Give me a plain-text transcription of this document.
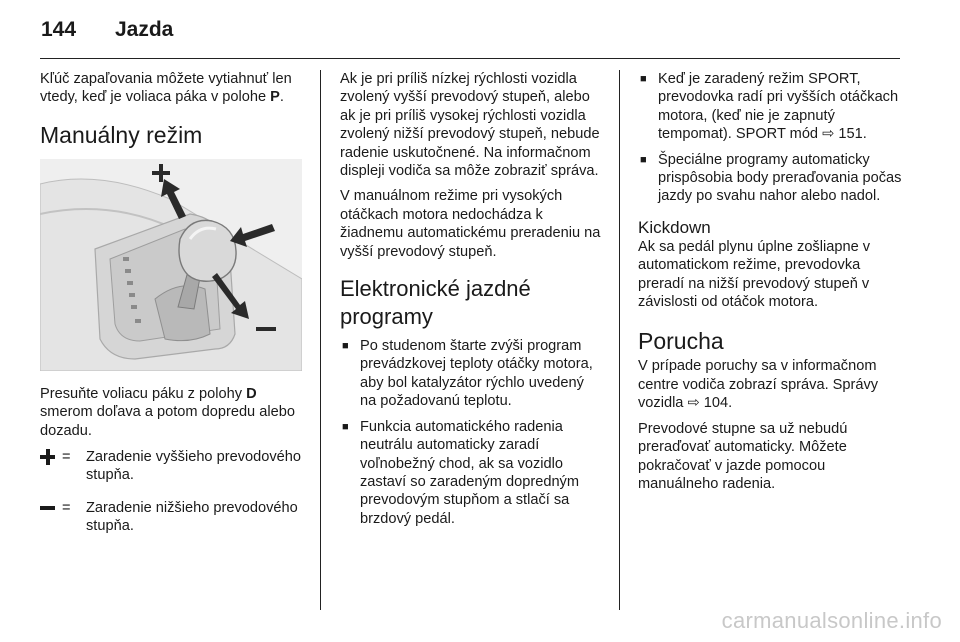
144 Jazda

Kľúč zapaľovania môžete vytiahnuť len vtedy, keď je voliaca páka v polohe P.

Manuálny režim

Presuňte voliacu páku z polohy D smerom doľava a potom dopredu alebo dozadu.

=	Zaradenie vyššieho prevodového stupňa.
=	Zaradenie nižšieho prevodového stupňa.

Ak je pri príliš nízkej rýchlosti vozidla zvolený vyšší prevodový stupeň, alebo ak je pri príliš vysokej rýchlosti vozidla zvolený nižší prevodový stupeň, nebude radenie uskutočnené. Na informačnom displeji vodiča sa môže zobraziť správa.

V manuálnom režime pri vysokých otáčkach motora nedochádza k žiadnemu automatickému preradeniu na vyšší prevodový stupeň.

Elektronické jazdné programy
■ Po studenom štarte zvýši program prevádzkovej teploty otáčky motora, aby bol katalyzátor rýchlo uvedený na požadovanú teplotu.
■ Funkcia automatického radenia neutrálu automaticky zaradí voľnobežný chod, ak sa vozidlo zastaví so zaradeným dopredným prevodovým stupňom a stlačí sa brzdový pedál.
■ Keď je zaradený režim SPORT, prevodovka radí pri vyšších otáčkach motora, (keď nie je zapnutý tempomat). SPORT mód ⇨ 151.
■ Špeciálne programy automaticky prispôsobia body preraďovania počas jazdy po svahu nahor alebo nadol.
Kickdown

Ak sa pedál plynu úplne zošliapne v automatickom režime, prevodovka preradí na nižší prevodový stupeň v závislosti od otáčok motora.

Porucha

V prípade poruchy sa v informačnom centre vodiča zobrazí správa. Správy vozidla ⇨ 104.

Prevodové stupne sa už nebudú preraďovať automaticky. Môžete pokračovať v jazde pomocou manuálneho radenia.

carmanualsonline.info
